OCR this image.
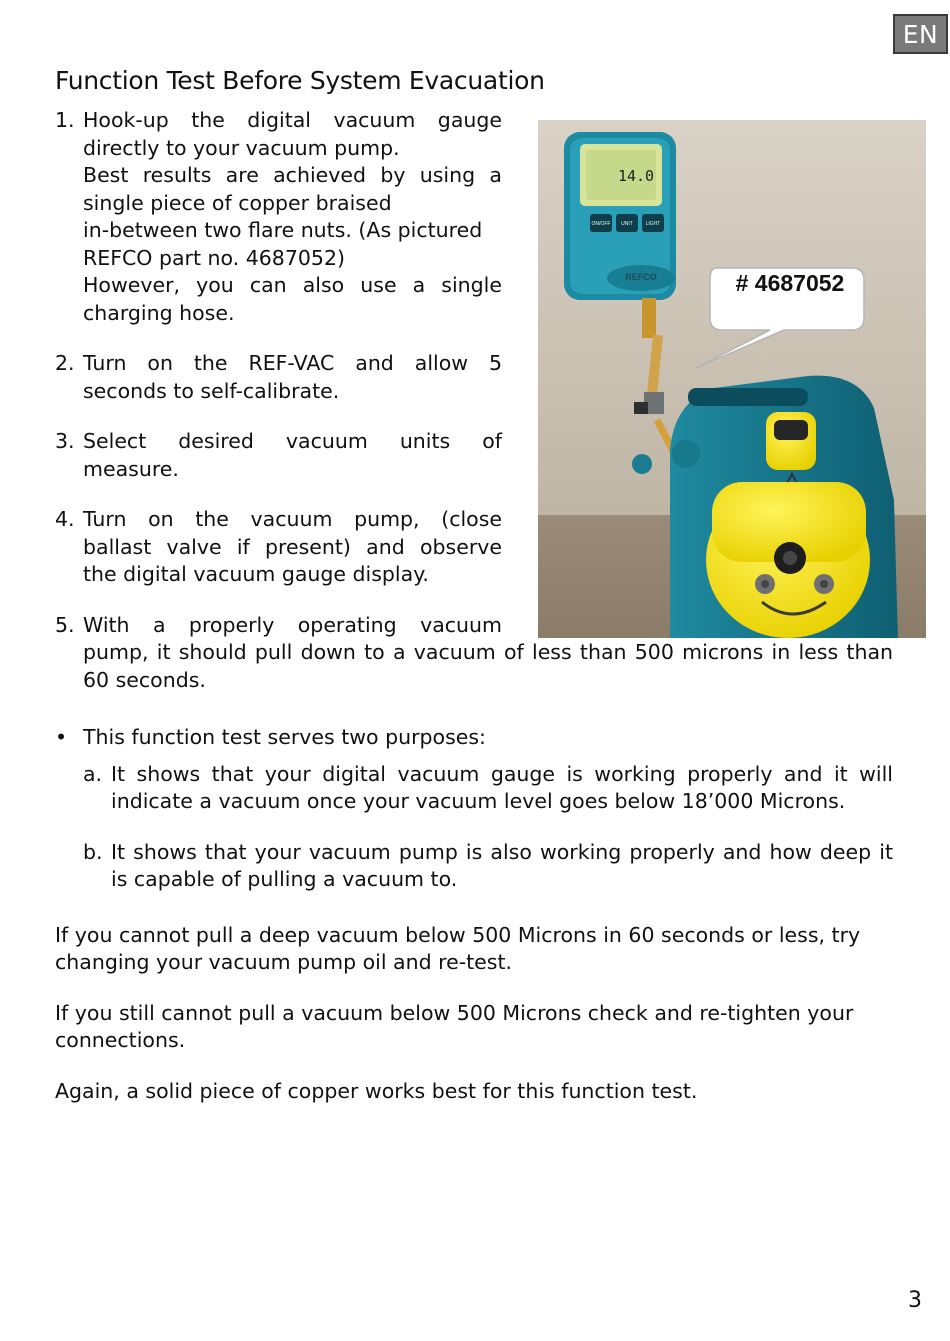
EN
Function Test Before System Evacuation
14.0
ON/OFF	UNIT	LIGHT
REFCO	# 4687052
1. Hook-up the digital vacuum gauge
directly to your vacuum pump.
Best results are achieved by using a
single piece of copper braised
in-between two flare nuts. (As pictured
REFCO part no. 4687052)
However, you can also use a single
charging hose.
2. Turn on the REF-VAC and allow 5
seconds to self-calibrate.
3. Select desired vacuum units of
measure.
4. Turn on the vacuum pump, (close
ballast valve if present) and observe
the digital vacuum gauge display.
5. With a properly operating vacuum pump, it should pull down to a vacuum of less than 500 microns in less than 60 seconds.
• This function test serves two purposes:
a. It shows that your digital vacuum gauge is working properly and it will indicate a vacuum once your vacuum level goes below 18’000 Microns.
b. It shows that your vacuum pump is also working properly and how deep it is capable of pulling a vacuum to.

If you cannot pull a deep vacuum below 500 Microns in 60 seconds or less, try changing your vacuum pump oil and re-test.

If you still cannot pull a vacuum below 500 Microns check and re-tighten your connections.

Again, a solid piece of copper works best for this function test.

3
